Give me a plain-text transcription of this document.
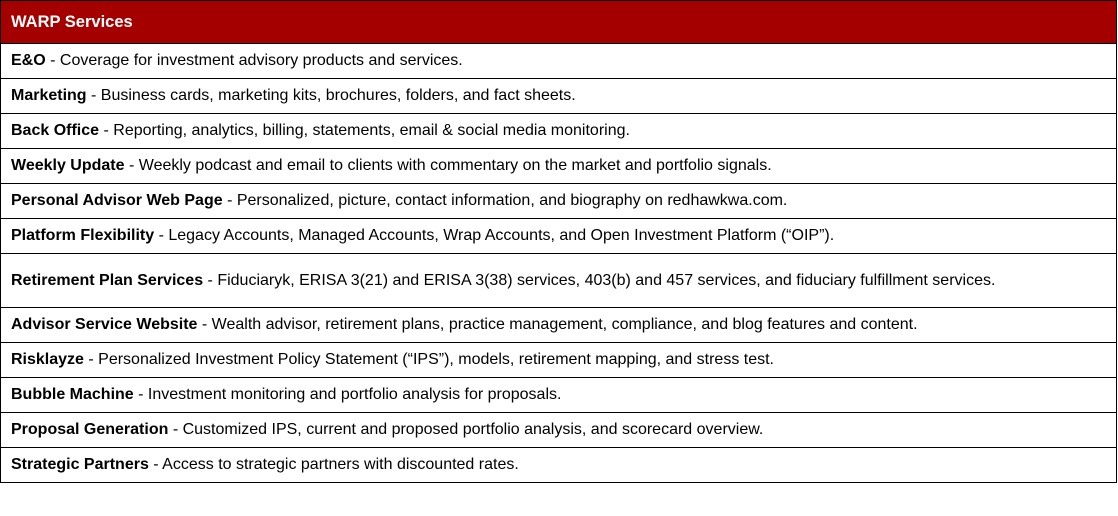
WARP Services
E&O - Coverage for investment advisory products and services.
Marketing - Business cards, marketing kits, brochures, folders, and fact sheets.
Back Office - Reporting, analytics, billing, statements, email & social media monitoring.
Weekly Update - Weekly podcast and email to clients with commentary on the market and portfolio signals.
Personal Advisor Web Page - Personalized, picture, contact information, and biography on redhawkwa.com.
Platform Flexibility - Legacy Accounts, Managed Accounts, Wrap Accounts, and Open Investment Platform (“OIP”).
Retirement Plan Services - Fiduciaryk, ERISA 3(21) and ERISA 3(38) services, 403(b) and 457 services, and fiduciary fulfillment services.
Advisor Service Website - Wealth advisor, retirement plans, practice management, compliance, and blog features and content.
Risklayze - Personalized Investment Policy Statement (“IPS”), models, retirement mapping, and stress test.
Bubble Machine - Investment monitoring and portfolio analysis for proposals.
Proposal Generation - Customized IPS, current and proposed portfolio analysis, and scorecard overview.
Strategic Partners - Access to strategic partners with discounted rates.
